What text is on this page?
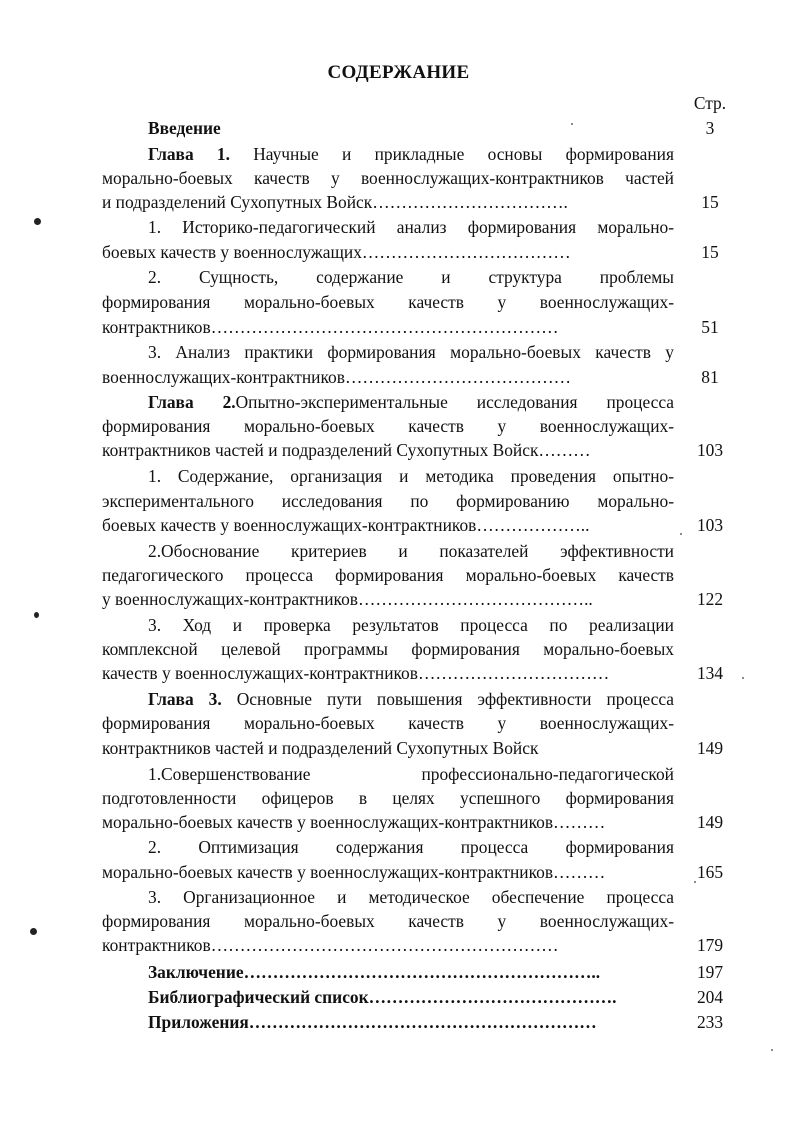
СОДЕРЖАНИЕ
Стр.
Введение	3
Глава 1. Научные и прикладные основы формирования
морально-боевых качеств у военнослужащих-контрактников частей
и подразделений Сухопутных Войск…………………………….	15
1. Историко-педагогический анализ формирования морально-
боевых качеств у военнослужащих………………………………	15
2. Сущность, содержание и структура проблемы
формирования морально-боевых качеств у военнослужащих-
контрактников……………………………………………………	51
3. Анализ практики формирования морально-боевых качеств у
военнослужащих-контрактников…………………………………	81
Глава 2.Опытно-экспериментальные исследования процесса
формирования морально-боевых качеств у военнослужащих-
контрактников частей и подразделений Сухопутных Войск………	103
1. Содержание, организация и методика проведения опытно-
экспериментального исследования по формированию морально-
боевых качеств у военнослужащих-контрактников………………..	103
2.Обоснование критериев и показателей эффективности
педагогического процесса формирования морально-боевых качеств
у военнослужащих-контрактников…………………………………..	122
3. Ход и проверка результатов процесса по реализации
комплексной целевой программы формирования морально-боевых
качеств у военнослужащих-контрактников……………………………	134
Глава 3. Основные пути повышения эффективности процесса
формирования морально-боевых качеств у военнослужащих-
контрактников частей и подразделений Сухопутных Войск	149
1.Совершенствование профессионально-педагогической
подготовленности офицеров в целях успешного формирования
морально-боевых качеств у военнослужащих-контрактников………	149
2. Оптимизация содержания процесса формирования
морально-боевых качеств у военнослужащих-контрактников………	165
3. Организационное и методическое обеспечение процесса
формирования морально-боевых качеств у военнослужащих-
контрактников……………………………………………………	179
Заключение……………………………………………………..	197
Библиографический список…………………………………….	204
Приложения……………………………………………………	233
